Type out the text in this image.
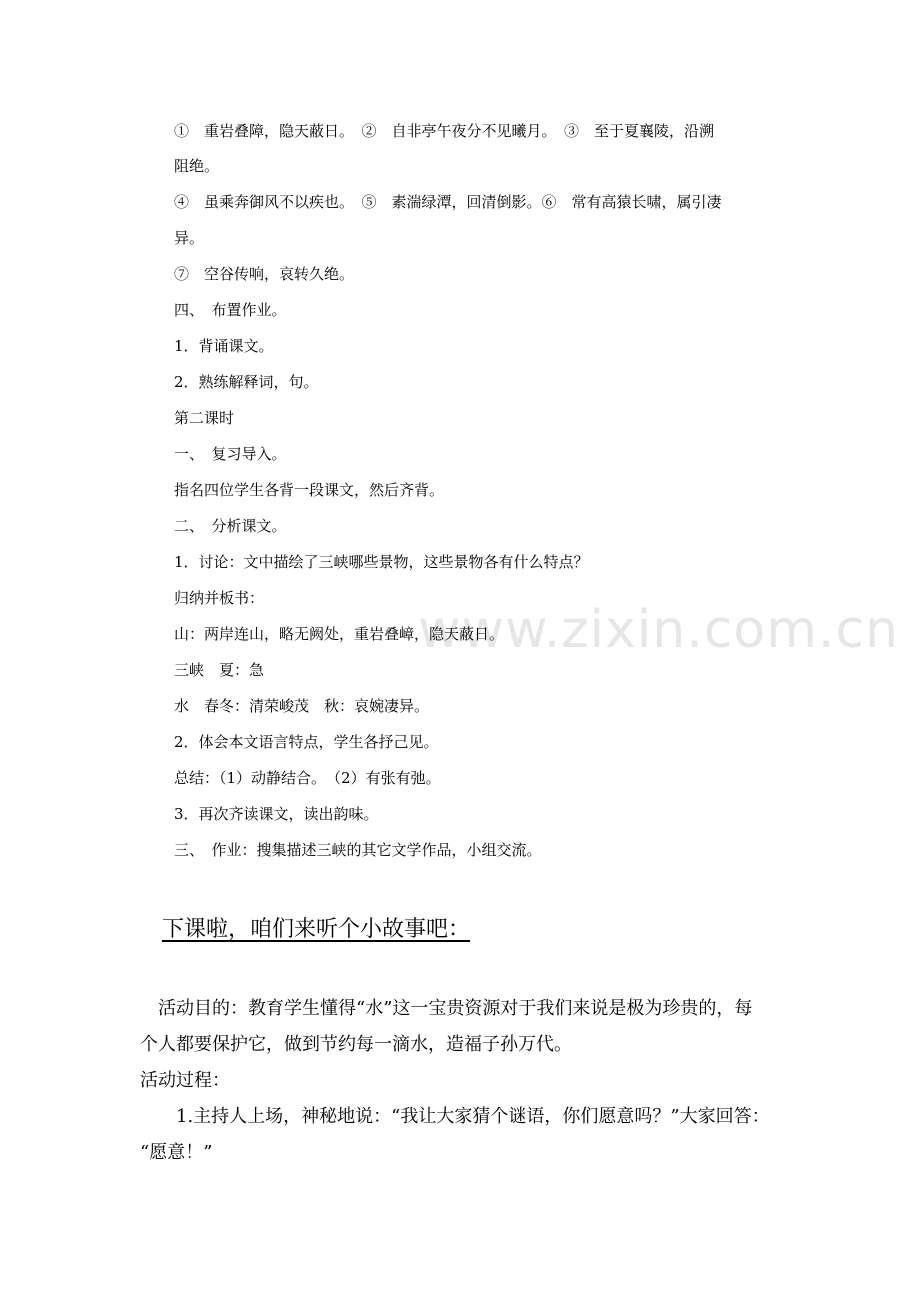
www.zixin.com.cn
①　重岩叠障，隐天蔽日。　②　自非亭午夜分不见曦月。　③　至于夏襄陵，沿溯
阻绝。
④　虽乘奔御风不以疾也。　⑤　素湍绿潭，回清倒影。⑥　常有高猿长啸，属引凄
异。
⑦　空谷传响，哀转久绝。
四、　布置作业。
1．背诵课文。
2．熟练解释词，句。
第二课时
一、　复习导入。
指名四位学生各背一段课文，然后齐背。
二、　分析课文。
1．讨论：文中描绘了三峡哪些景物，这些景物各有什么特点？
归纳并板书：
山：两岸连山，略无阙处，重岩叠嶂，隐天蔽日。
三峡　夏：急
水　春冬：清荣峻茂　秋：哀婉凄异。
2．体会本文语言特点，学生各抒己见。
总结：（1）动静结合。　（2）有张有弛。
3．再次齐读课文，读出韵味。
三、　作业：搜集描述三峡的其它文学作品，小组交流。
下课啦，咱们来听个小故事吧：
活动目的：教育学生懂得“水”这一宝贵资源对于我们来说是极为珍贵的，每
个人都要保护它，做到节约每一滴水，造福子孙万代。
活动过程：
1.主持人上场，神秘地说：“我让大家猜个谜语，你们愿意吗？”大家回答：
“愿意！”
